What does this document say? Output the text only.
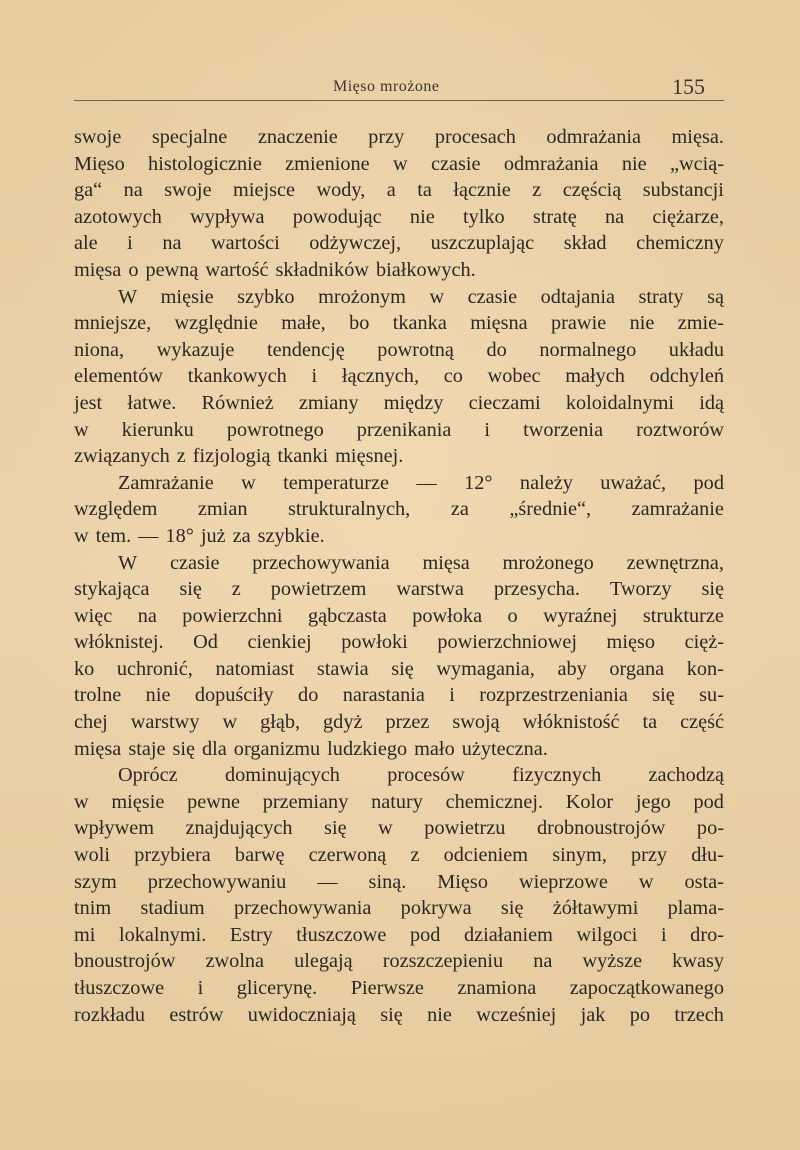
Mięso mrożone	155
swoje specjalne znaczenie przy procesach odmrażania mięsa.
Mięso histologicznie zmienione w czasie odmrażania nie „wcią-
ga“ na swoje miejsce wody, a ta łącznie z częścią substancji
azotowych wypływa powodując nie tylko stratę na ciężarze,
ale i na wartości odżywczej, uszczuplając skład chemiczny
mięsa o pewną wartość składników białkowych.
W mięsie szybko mrożonym w czasie odtajania straty są
mniejsze, względnie małe, bo tkanka mięsna prawie nie zmie-
niona, wykazuje tendencję powrotną do normalnego układu
elementów tkankowych i łącznych, co wobec małych odchyleń
jest łatwe. Również zmiany między cieczami koloidalnymi idą
w kierunku powrotnego przenikania i tworzenia roztworów
związanych z fizjologią tkanki mięsnej.
Zamrażanie w temperaturze — 12° należy uważać, pod
względem zmian strukturalnych, za „średnie“, zamrażanie
w tem. — 18° już za szybkie.
W czasie przechowywania mięsa mrożonego zewnętrzna,
stykająca się z powietrzem warstwa przesycha. Tworzy się
więc na powierzchni gąbczasta powłoka o wyraźnej strukturze
włóknistej. Od cienkiej powłoki powierzchniowej mięso cięż-
ko uchronić, natomiast stawia się wymagania, aby organa kon-
trolne nie dopuściły do narastania i rozprzestrzeniania się su-
chej warstwy w głąb, gdyż przez swoją włóknistość ta część
mięsa staje się dla organizmu ludzkiego mało użyteczna.
Oprócz dominujących procesów fizycznych zachodzą
w mięsie pewne przemiany natury chemicznej. Kolor jego pod
wpływem znajdujących się w powietrzu drobnoustrojów po-
woli przybiera barwę czerwoną z odcieniem sinym, przy dłu-
szym przechowywaniu — siną. Mięso wieprzowe w osta-
tnim stadium przechowywania pokrywa się żółtawymi plama-
mi lokalnymi. Estry tłuszczowe pod działaniem wilgoci i dro-
bnoustrojów zwolna ulegają rozszczepieniu na wyższe kwasy
tłuszczowe i glicerynę. Pierwsze znamiona zapoczątkowanego
rozkładu estrów uwidoczniają się nie wcześniej jak po trzech
